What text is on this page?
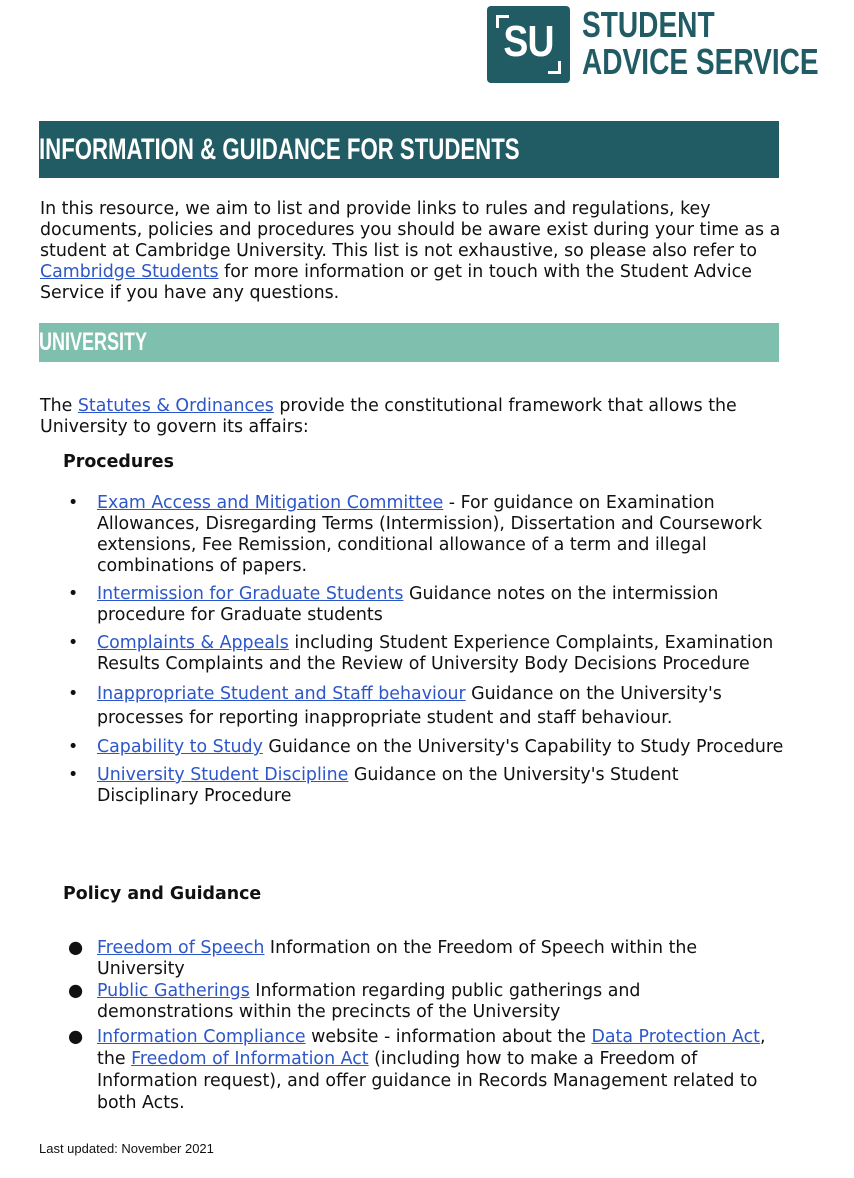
SU STUDENT
ADVICE SERVICE
INFORMATION & GUIDANCE FOR STUDENTS

In this resource, we aim to list and provide links to rules and regulations, key documents, policies and procedures you should be aware exist during your time as a student at Cambridge University. This list is not exhaustive, so please also refer to Cambridge Students for more information or get in touch with the Student Advice Service if you have any questions.

UNIVERSITY

The Statutes & Ordinances provide the constitutional framework that allows the University to govern its affairs:

Procedures
• Exam Access and Mitigation Committee - For guidance on Examination Allowances, Disregarding Terms (Intermission), Dissertation and Coursework extensions, Fee Remission, conditional allowance of a term and illegal combinations of papers.
• Intermission for Graduate Students Guidance notes on the intermission procedure for Graduate students
• Complaints & Appeals including Student Experience Complaints, Examination Results Complaints and the Review of University Body Decisions Procedure
• Inappropriate Student and Staff behaviour Guidance on the University's processes for reporting inappropriate student and staff behaviour.
• Capability to Study Guidance on the University's Capability to Study Procedure
• University Student Discipline Guidance on the University's Student Disciplinary Procedure
Policy and Guidance
● Freedom of Speech Information on the Freedom of Speech within the University
● Public Gatherings Information regarding public gatherings and demonstrations within the precincts of the University
● Information Compliance website - information about the Data Protection Act, the Freedom of Information Act (including how to make a Freedom of Information request), and offer guidance in Records Management related to both Acts.
Last updated: November 2021
